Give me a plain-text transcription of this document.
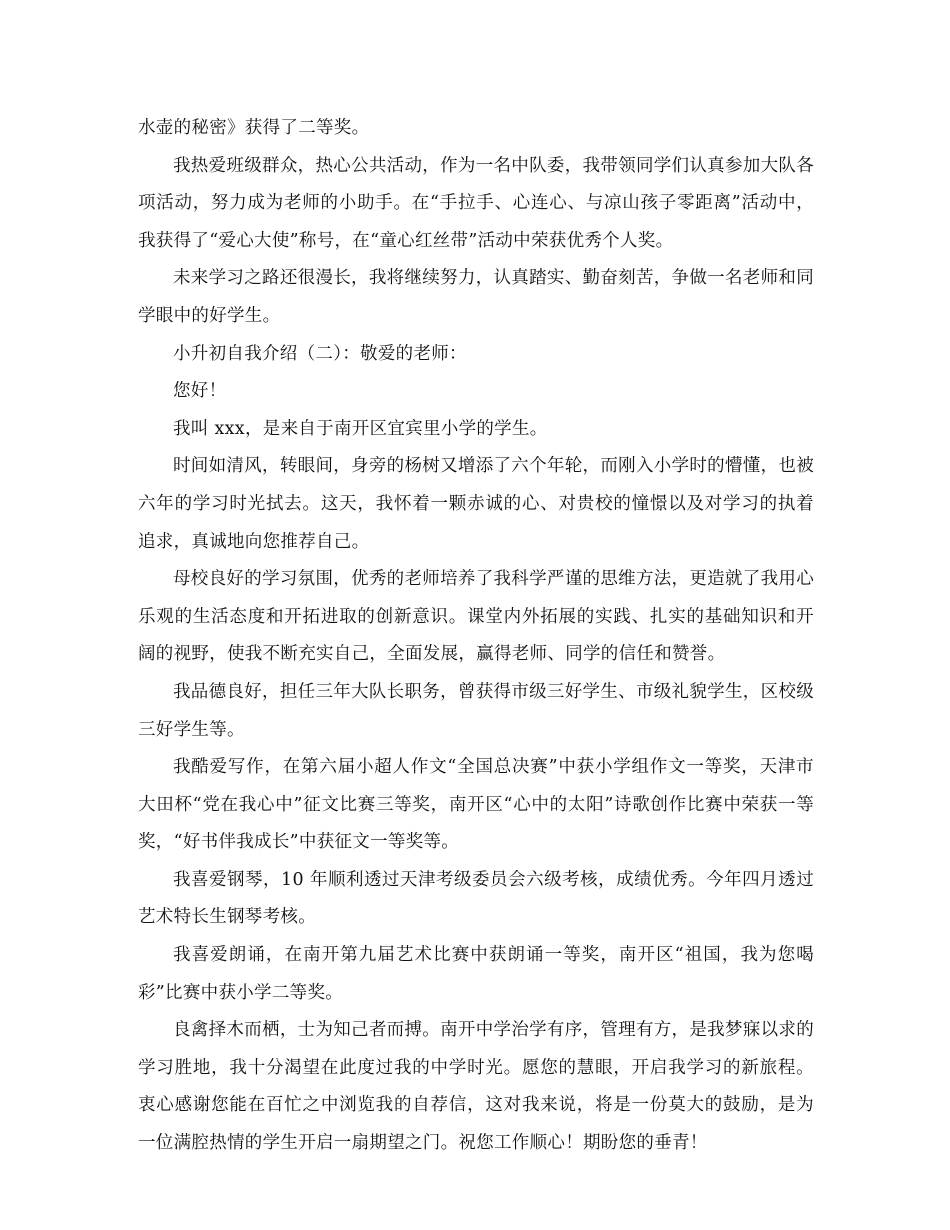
水壶的秘密》获得了二等奖。

我热爱班级群众，热心公共活动，作为一名中队委，我带领同学们认真参加大队各项活动，努力成为老师的小助手。在“手拉手、心连心、与凉山孩子零距离”活动中，我获得了“爱心大使”称号，在“童心红丝带”活动中荣获优秀个人奖。

未来学习之路还很漫长，我将继续努力，认真踏实、勤奋刻苦，争做一名老师和同学眼中的好学生。

小升初自我介绍（二）：敬爱的老师：

您好！

我叫 xxx，是来自于南开区宜宾里小学的学生。

时间如清风，转眼间，身旁的杨树又增添了六个年轮，而刚入小学时的懵懂，也被六年的学习时光拭去。这天，我怀着一颗赤诚的心、对贵校的憧憬以及对学习的执着追求，真诚地向您推荐自己。

母校良好的学习氛围，优秀的老师培养了我科学严谨的思维方法，更造就了我用心乐观的生活态度和开拓进取的创新意识。课堂内外拓展的实践、扎实的基础知识和开阔的视野，使我不断充实自己，全面发展，赢得老师、同学的信任和赞誉。

我品德良好，担任三年大队长职务，曾获得市级三好学生、市级礼貌学生，区校级三好学生等。

我酷爱写作，在第六届小超人作文“全国总决赛”中获小学组作文一等奖，天津市大田杯“党在我心中”征文比赛三等奖，南开区“心中的太阳”诗歌创作比赛中荣获一等奖，“好书伴我成长”中获征文一等奖等。

我喜爱钢琴，10 年顺利透过天津考级委员会六级考核，成绩优秀。今年四月透过艺术特长生钢琴考核。

我喜爱朗诵，在南开第九届艺术比赛中获朗诵一等奖，南开区“祖国，我为您喝彩”比赛中获小学二等奖。

良禽择木而栖，士为知己者而搏。南开中学治学有序，管理有方，是我梦寐以求的学习胜地，我十分渴望在此度过我的中学时光。愿您的慧眼，开启我学习的新旅程。衷心感谢您能在百忙之中浏览我的自荐信，这对我来说，将是一份莫大的鼓励，是为一位满腔热情的学生开启一扇期望之门。祝您工作顺心！期盼您的垂青！
